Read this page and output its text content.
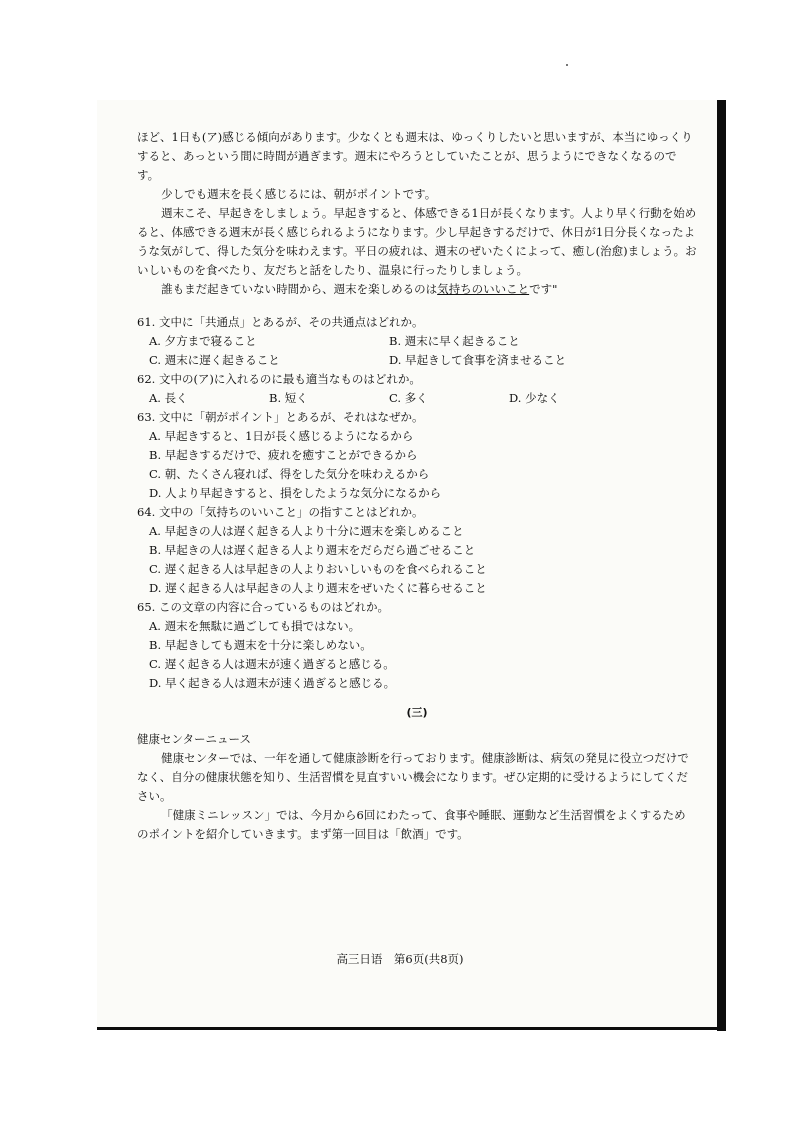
ほど、1日も(ア)感じる傾向があります。少なくとも週末は、ゆっくりしたいと思いますが、本当にゆっくりすると、あっという間に時間が過ぎます。週末にやろうとしていたことが、思うようにできなくなるのです。

少しでも週末を長く感じるには、朝がポイントです。

週末こそ、早起きをしましょう。早起きすると、体感できる1日が長くなります。人より早く行動を始めると、体感できる週末が長く感じられるようになります。少し早起きするだけで、休日が1日分長くなったような気がして、得した気分を味わえます。平日の疲れは、週末のぜいたくによって、癒し(治愈)ましょう。おいしいものを食べたり、友だちと話をしたり、温泉に行ったりしましょう。

誰もまだ起きていない時間から、週末を楽しめるのは気持ちのいいことです"

61. 文中に「共通点」とあるが、その共通点はどれか。
A. 夕方まで寝ること	B. 週末に早く起きること
C. 週末に遅く起きること	D. 早起きして食事を済ませること
62. 文中の(ア)に入れるのに最も適当なものはどれか。
A. 長く	B. 短く	C. 多く	D. 少なく
63. 文中に「朝がポイント」とあるが、それはなぜか。
A. 早起きすると、1日が長く感じるようになるから
B. 早起きするだけで、疲れを癒すことができるから
C. 朝、たくさん寝れば、得をした気分を味わえるから
D. 人より早起きすると、損をしたような気分になるから
64. 文中の「気持ちのいいこと」の指すことはどれか。
A. 早起きの人は遅く起きる人より十分に週末を楽しめること
B. 早起きの人は遅く起きる人より週末をだらだら過ごせること
C. 遅く起きる人は早起きの人よりおいしいものを食べられること
D. 遅く起きる人は早起きの人より週末をぜいたくに暮らせること
65. この文章の内容に合っているものはどれか。
A. 週末を無駄に過ごしても損ではない。
B. 早起きしても週末を十分に楽しめない。
C. 遅く起きる人は週末が速く過ぎると感じる。
D. 早く起きる人は週末が速く過ぎると感じる。
(三)

健康センターニュース

健康センターでは、一年を通して健康診断を行っております。健康診断は、病気の発見に役立つだけでなく、自分の健康状態を知り、生活習慣を見直すいい機会になります。ぜひ定期的に受けるようにしてください。

「健康ミニレッスン」では、今月から6回にわたって、食事や睡眠、運動など生活習慣をよくするためのポイントを紹介していきます。まず第一回目は「飲酒」です。

高三日语　第6页(共8页)
